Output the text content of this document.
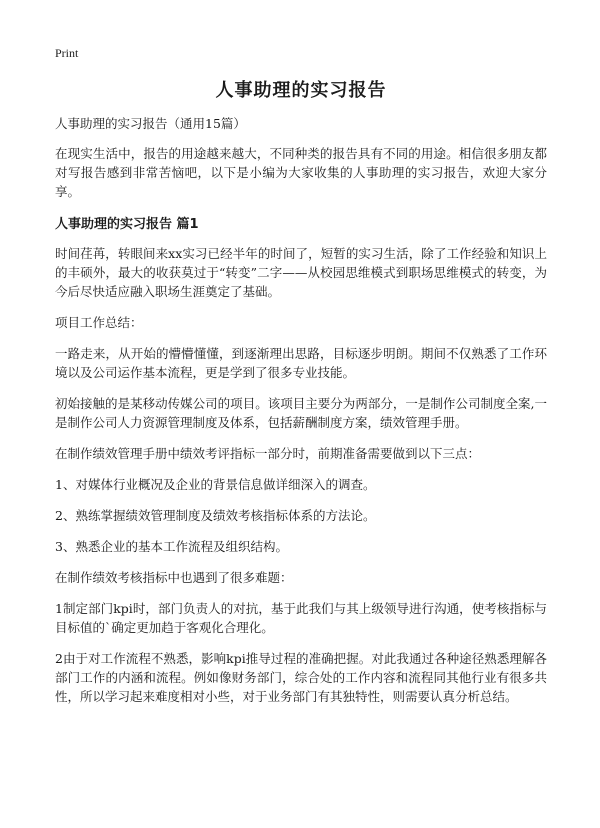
Print
人事助理的实习报告
人事助理的实习报告（通用15篇）

在现实生活中，报告的用途越来越大，不同种类的报告具有不同的用途。相信很多朋友都对写报告感到非常苦恼吧，以下是小编为大家收集的人事助理的实习报告，欢迎大家分享。

人事助理的实习报告 篇1

时间荏苒，转眼间来xx实习已经半年的时间了，短暂的实习生活，除了工作经验和知识上的丰硕外，最大的收获莫过于“转变”二字——从校园思维模式到职场思维模式的转变，为今后尽快适应融入职场生涯奠定了基础。

项目工作总结：

一路走来，从开始的懵懵懂懂，到逐渐理出思路，目标逐步明朗。期间不仅熟悉了工作环境以及公司运作基本流程，更是学到了很多专业技能。

初始接触的是某移动传媒公司的项目。该项目主要分为两部分，一是制作公司制度全案,一是制作公司人力资源管理制度及体系，包括薪酬制度方案，绩效管理手册。

在制作绩效管理手册中绩效考评指标一部分时，前期准备需要做到以下三点：

1、对媒体行业概况及企业的背景信息做详细深入的调查。

2、熟练掌握绩效管理制度及绩效考核指标体系的方法论。

3、熟悉企业的基本工作流程及组织结构。

在制作绩效考核指标中也遇到了很多难题：

1制定部门kpi时，部门负责人的对抗，基于此我们与其上级领导进行沟通，使考核指标与目标值的`确定更加趋于客观化合理化。

2由于对工作流程不熟悉，影响kpi推导过程的准确把握。对此我通过各种途径熟悉理解各部门工作的内涵和流程。例如像财务部门，综合处的工作内容和流程同其他行业有很多共性，所以学习起来难度相对小些，对于业务部门有其独特性，则需要认真分析总结。
